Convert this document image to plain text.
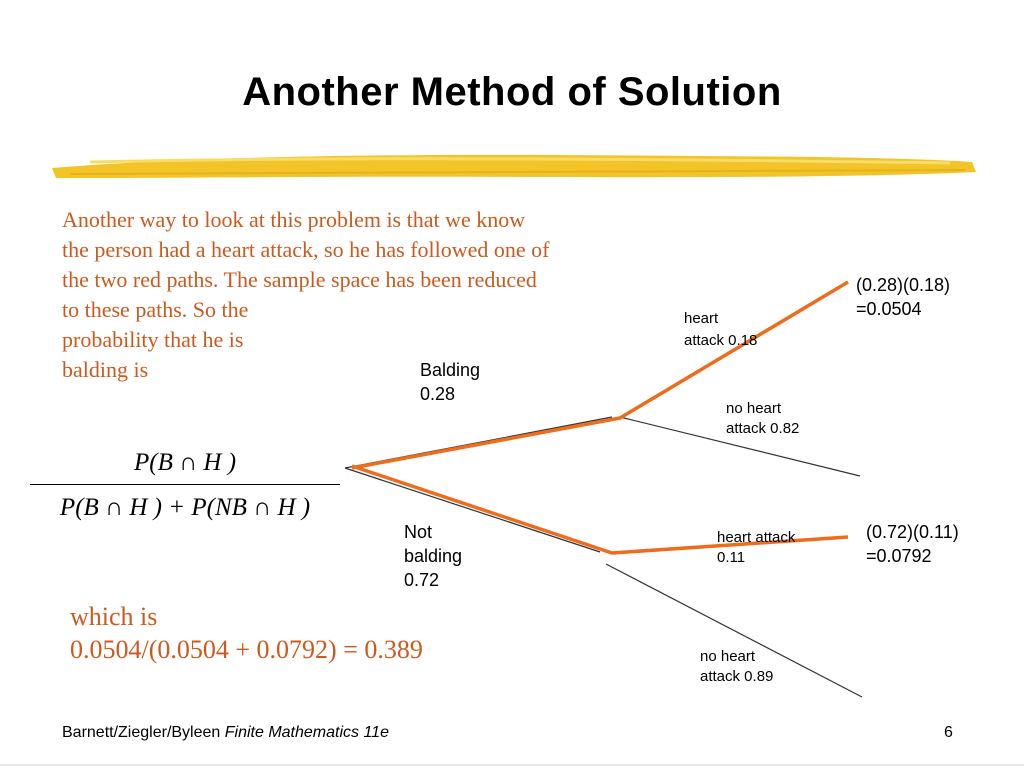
Another Method of Solution
Another way to look at this problem is that we know
the person had a heart attack, so he has followed one of
the two red paths. The sample space has been reduced
to these paths. So the
probability that he is
balding is
P(B ∩ H )
P(B ∩ H ) + P(NB ∩ H )
which is
0.0504/(0.0504 + 0.0792) = 0.389
Balding
0.28
Not
balding
0.72
heart
attack 0.18
no heart
attack 0.82
heart attack
0.11
no heart
attack 0.89
(0.28)(0.18)
=0.0504
(0.72)(0.11)
=0.0792
Barnett/Ziegler/Byleen Finite Mathematics 11e	6
